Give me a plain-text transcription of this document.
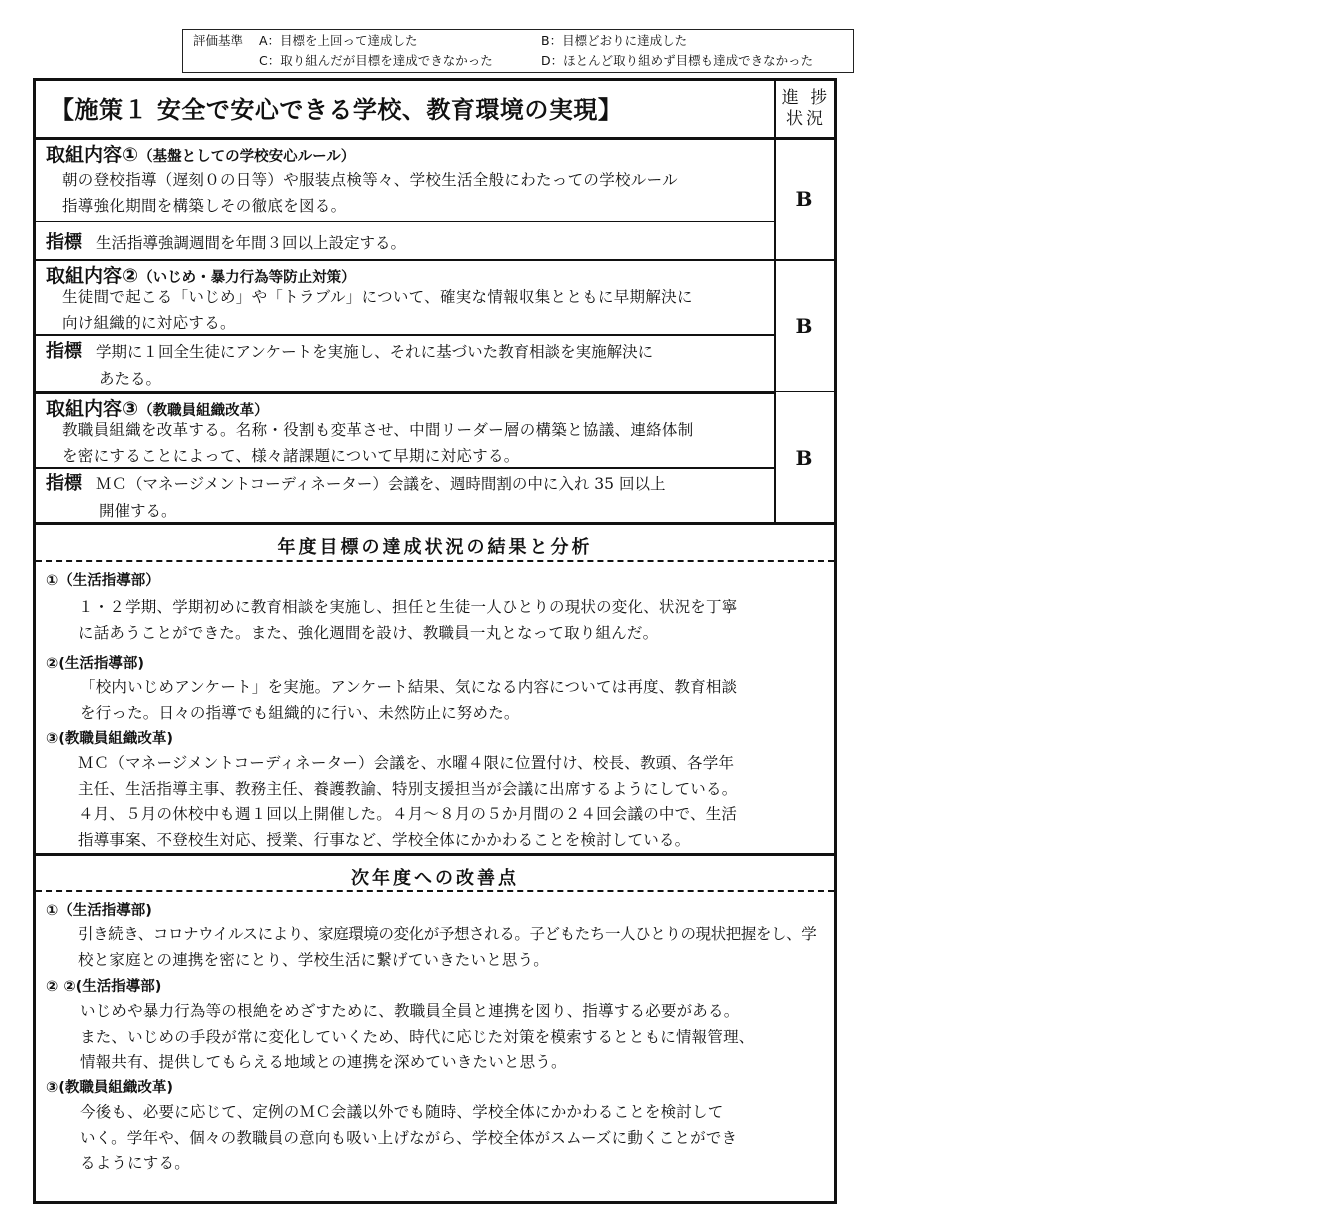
評価基準 A：目標を上回って達成した	B：目標どおりに達成した
C：取り組んだが目標を達成できなかった	D：ほとんど取り組めず目標も達成できなかった
【施策１ 安全で安心できる学校、教育環境の実現】	進 捗
状況
取組内容①（基盤としての学校安心ルール）
朝の登校指導（遅刻０の日等）や服装点検等々、学校生活全般にわたっての学校ルール
指導強化期間を構築しその徹底を図る。
指標 生活指導強調週間を年間３回以上設定する。
B
取組内容②（いじめ・暴力行為等防止対策）
生徒間で起こる「いじめ」や「トラブル」について、確実な情報収集とともに早期解決に
向け組織的に対応する。
指標 学期に１回全生徒にアンケートを実施し、それに基づいた教育相談を実施解決に
あたる。
B
取組内容③（教職員組織改革）
教職員組織を改革する。名称・役割も変革させ、中間リーダー層の構築と協議、連絡体制
を密にすることによって、様々諸課題について早期に対応する。
指標 ＭＣ（マネージメントコーディネーター）会議を、週時間割の中に入れ 35 回以上
開催する。
B
年度目標の達成状況の結果と分析
①（生活指導部）
１・２学期、学期初めに教育相談を実施し、担任と生徒一人ひとりの現状の変化、状況を丁寧
に話あうことができた。また、強化週間を設け、教職員一丸となって取り組んだ。
②(生活指導部)
「校内いじめアンケート」を実施。アンケート結果、気になる内容については再度、教育相談
を行った。日々の指導でも組織的に行い、未然防止に努めた。
③(教職員組織改革)
ＭＣ（マネージメントコーディネーター）会議を、水曜４限に位置付け、校長、教頭、各学年
主任、生活指導主事、教務主任、養護教諭、特別支援担当が会議に出席するようにしている。
４月、５月の休校中も週１回以上開催した。４月～８月の５か月間の２４回会議の中で、生活
指導事案、不登校生対応、授業、行事など、学校全体にかかわることを検討している。
次年度への改善点
①（生活指導部)
引き続き、コロナウイルスにより、家庭環境の変化が予想される。子どもたち一人ひとりの現状把握をし、学
校と家庭との連携を密にとり、学校生活に繋げていきたいと思う。
② ②(生活指導部)
いじめや暴力行為等の根絶をめざすために、教職員全員と連携を図り、指導する必要がある。
また、いじめの手段が常に変化していくため、時代に応じた対策を模索するとともに情報管理、
情報共有、提供してもらえる地域との連携を深めていきたいと思う。
③(教職員組織改革)
今後も、必要に応じて、定例のＭＣ会議以外でも随時、学校全体にかかわることを検討して
いく。学年や、個々の教職員の意向も吸い上げながら、学校全体がスムーズに動くことができ
るようにする。
